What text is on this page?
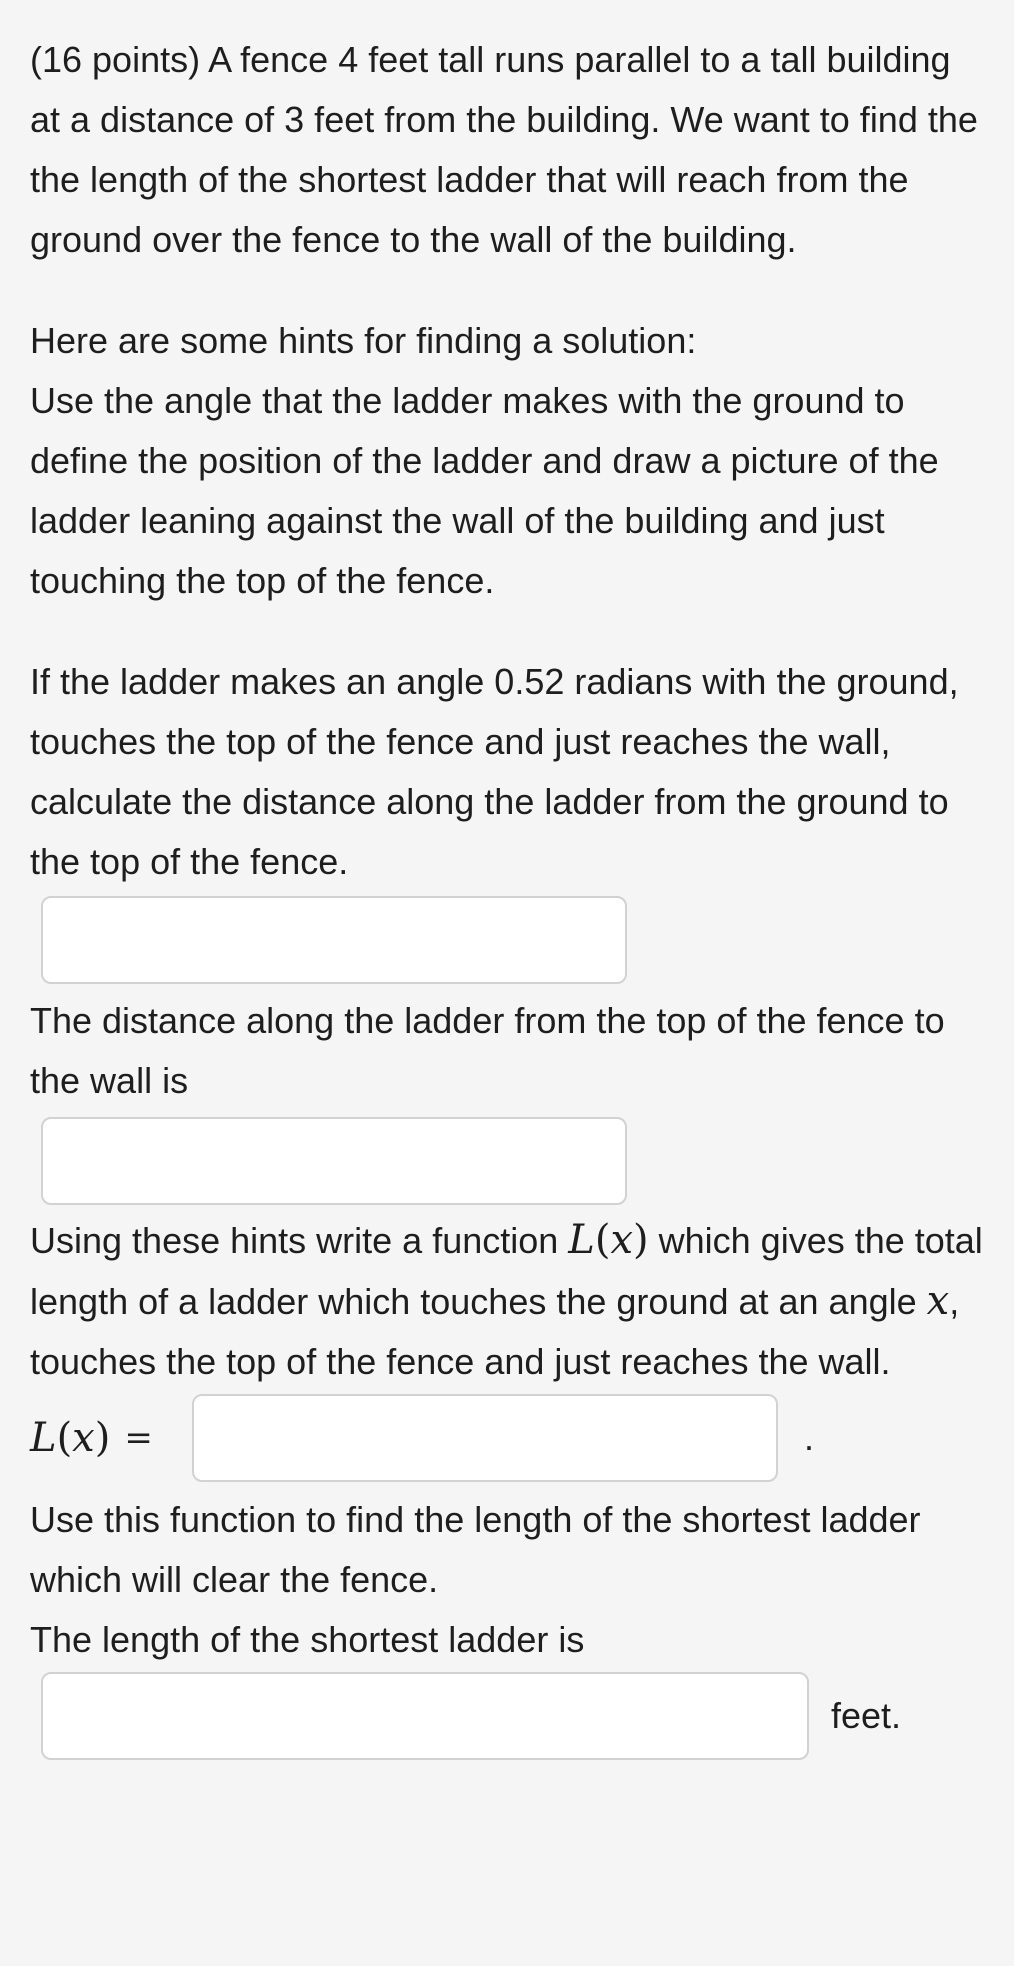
(16 points) A fence 4 feet tall runs parallel to a tall building at a distance of 3 feet from the building. We want to find the the length of the shortest ladder that will reach from the ground over the fence to the wall of the building.

Here are some hints for finding a solution:

Use the angle that the ladder makes with the ground to define the position of the ladder and draw a picture of the ladder leaning against the wall of the building and just touching the top of the fence.

If the ladder makes an angle 0.52 radians with the ground, touches the top of the fence and just reaches the wall, calculate the distance along the ladder from the ground to the top of the fence.

The distance along the ladder from the top of the fence to the wall is

Using these hints write a function L(x) which gives the total length of a ladder which touches the ground at an angle x, touches the top of the fence and just reaches the wall.

L ( x ) =	.

Use this function to find the length of the shortest ladder which will clear the fence.

The length of the shortest ladder is

feet.
